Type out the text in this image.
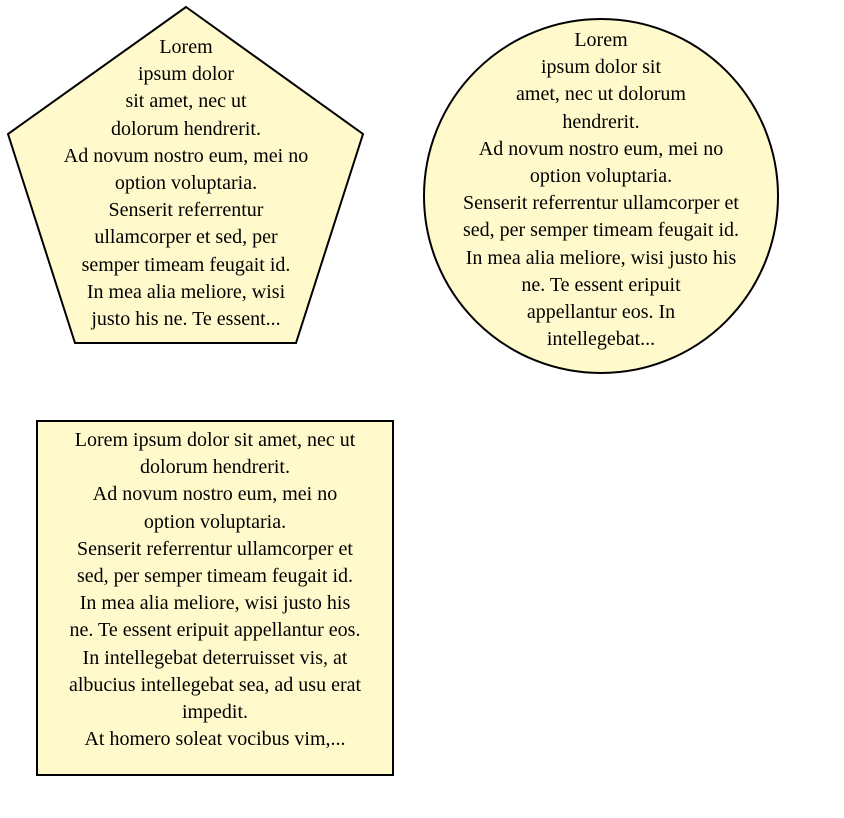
Lorem
ipsum dolor
sit amet, nec ut
dolorum hendrerit.
Ad novum nostro eum, mei no
option voluptaria.
Senserit referrentur
ullamcorper et sed, per
semper timeam feugait id.
In mea alia meliore, wisi
justo his ne. Te essent...
Lorem
ipsum dolor sit
amet, nec ut dolorum
hendrerit.
Ad novum nostro eum, mei no
option voluptaria.
Senserit referrentur ullamcorper et
sed, per semper timeam feugait id.
In mea alia meliore, wisi justo his
ne. Te essent eripuit
appellantur eos. In
intellegebat...
Lorem ipsum dolor sit amet, nec ut
dolorum hendrerit.
Ad novum nostro eum, mei no
option voluptaria.
Senserit referrentur ullamcorper et
sed, per semper timeam feugait id.
In mea alia meliore, wisi justo his
ne. Te essent eripuit appellantur eos.
In intellegebat deterruisset vis, at
albucius intellegebat sea, ad usu erat
impedit.
At homero soleat vocibus vim,...
